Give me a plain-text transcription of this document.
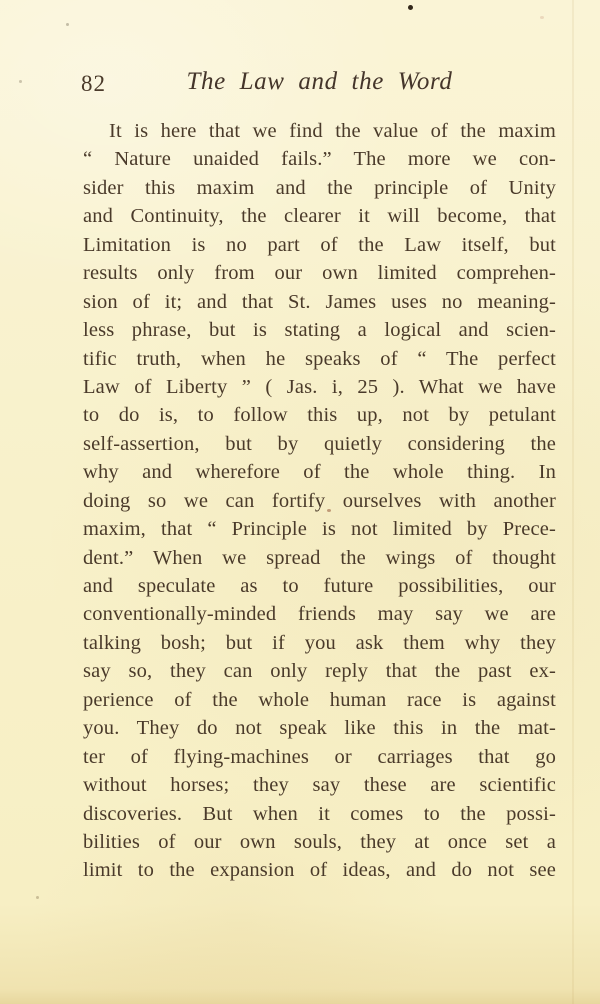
82	The Law and the Word
It is here that we find the value of the maxim
“ Nature unaided fails.” The more we con-
sider this maxim and the principle of Unity
and Continuity, the clearer it will become, that
Limitation is no part of the Law itself, but
results only from our own limited comprehen-
sion of it; and that St. James uses no meaning-
less phrase, but is stating a logical and scien-
tific truth, when he speaks of “ The perfect
Law of Liberty ” ( Jas. i, 25 ). What we have
to do is, to follow this up, not by petulant
self-assertion, but by quietly considering the
why and wherefore of the whole thing. In
doing so we can fortify ourselves with another
maxim, that “ Principle is not limited by Prece-
dent.” When we spread the wings of thought
and speculate as to future possibilities, our
conventionally-minded friends may say we are
talking bosh; but if you ask them why they
say so, they can only reply that the past ex-
perience of the whole human race is against
you. They do not speak like this in the mat-
ter of flying-machines or carriages that go
without horses; they say these are scientific
discoveries. But when it comes to the possi-
bilities of our own souls, they at once set a
limit to the expansion of ideas, and do not see
